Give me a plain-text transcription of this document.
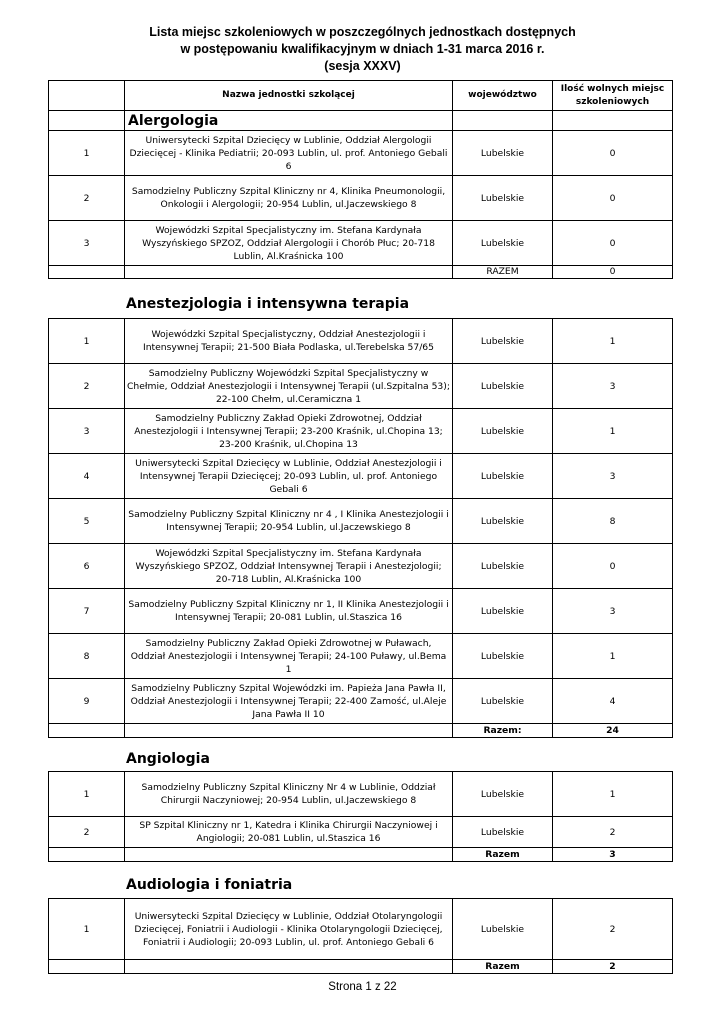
Lista miejsc szkoleniowych w poszczególnych jednostkach dostępnych
w postępowaniu kwalifikacyjnym w dniach 1-31 marca 2016 r.
(sesja XXXV)
	Nazwa jednostki szkolącej	województwo	Ilość wolnych miejsc
szkoleniowych

	Alergologia		
1	Uniwersytecki Szpital Dziecięcy w Lublinie, Oddział Alergologii Dziecięcej - Klinika Pediatrii; 20-093 Lublin, ul. prof. Antoniego Gebali 6	Lubelskie	0
2	Samodzielny Publiczny Szpital Kliniczny nr 4, Klinika Pneumonologii, Onkologii i Alergologii; 20-954 Lublin, ul.Jaczewskiego 8	Lubelskie	0
3	Wojewódzki Szpital Specjalistyczny im. Stefana Kardynała Wyszyńskiego SPZOZ, Oddział Alergologii i Chorób Płuc; 20-718 Lublin, Al.Kraśnicka 100	Lubelskie	0
		RAZEM	0
Anestezjologia i intensywna terapia
1	Wojewódzki Szpital Specjalistyczny, Oddział Anestezjologii i Intensywnej Terapii; 21-500 Biała Podlaska, ul.Terebelska 57/65	Lubelskie	1
2	Samodzielny Publiczny Wojewódzki Szpital Specjalistyczny w Chełmie, Oddział Anestezjologii i Intensywnej Terapii (ul.Szpitalna 53); 22-100 Chełm, ul.Ceramiczna 1	Lubelskie	3
3	Samodzielny Publiczny Zakład Opieki Zdrowotnej, Oddział Anestezjologii i Intensywnej Terapii; 23-200 Kraśnik, ul.Chopina 13; 23-200 Kraśnik, ul.Chopina 13	Lubelskie	1
4	Uniwersytecki Szpital Dziecięcy w Lublinie, Oddział Anestezjologii i Intensywnej Terapii Dziecięcej; 20-093 Lublin, ul. prof. Antoniego Gebali 6	Lubelskie	3
5	Samodzielny Publiczny Szpital Kliniczny nr 4 , I Klinika Anestezjologii i Intensywnej Terapii; 20-954 Lublin, ul.Jaczewskiego 8	Lubelskie	8
6	Wojewódzki Szpital Specjalistyczny im. Stefana Kardynała Wyszyńskiego SPZOZ, Oddział Intensywnej Terapii i Anestezjologii; 20-718 Lublin, Al.Kraśnicka 100	Lubelskie	0
7	Samodzielny Publiczny Szpital Kliniczny nr 1, II Klinika Anestezjologii i Intensywnej Terapii; 20-081 Lublin, ul.Staszica 16	Lubelskie	3
8	Samodzielny Publiczny Zakład Opieki Zdrowotnej w Puławach, Oddział Anestezjologii i Intensywnej Terapii; 24-100 Puławy, ul.Bema 1	Lubelskie	1
9	Samodzielny Publiczny Szpital Wojewódzki im. Papieża Jana Pawła II, Oddział Anestezjologii i Intensywnej Terapii; 22-400 Zamość, ul.Aleje Jana Pawła II 10	Lubelskie	4
		Razem:	24
Angiologia
1	Samodzielny Publiczny Szpital Kliniczny Nr 4 w Lublinie, Oddział Chirurgii Naczyniowej; 20-954 Lublin, ul.Jaczewskiego 8	Lubelskie	1
2	SP Szpital Kliniczny nr 1, Katedra i Klinika Chirurgii Naczyniowej i Angiologii; 20-081 Lublin, ul.Staszica 16	Lubelskie	2
		Razem	3
Audiologia i foniatria
1	Uniwersytecki Szpital Dziecięcy w Lublinie, Oddział Otolaryngologii Dziecięcej, Foniatrii i Audiologii - Klinika Otolaryngologii Dziecięcej, Foniatrii i Audiologii; 20-093 Lublin, ul. prof. Antoniego Gebali 6	Lubelskie	2
		Razem	2
Strona 1 z 22
